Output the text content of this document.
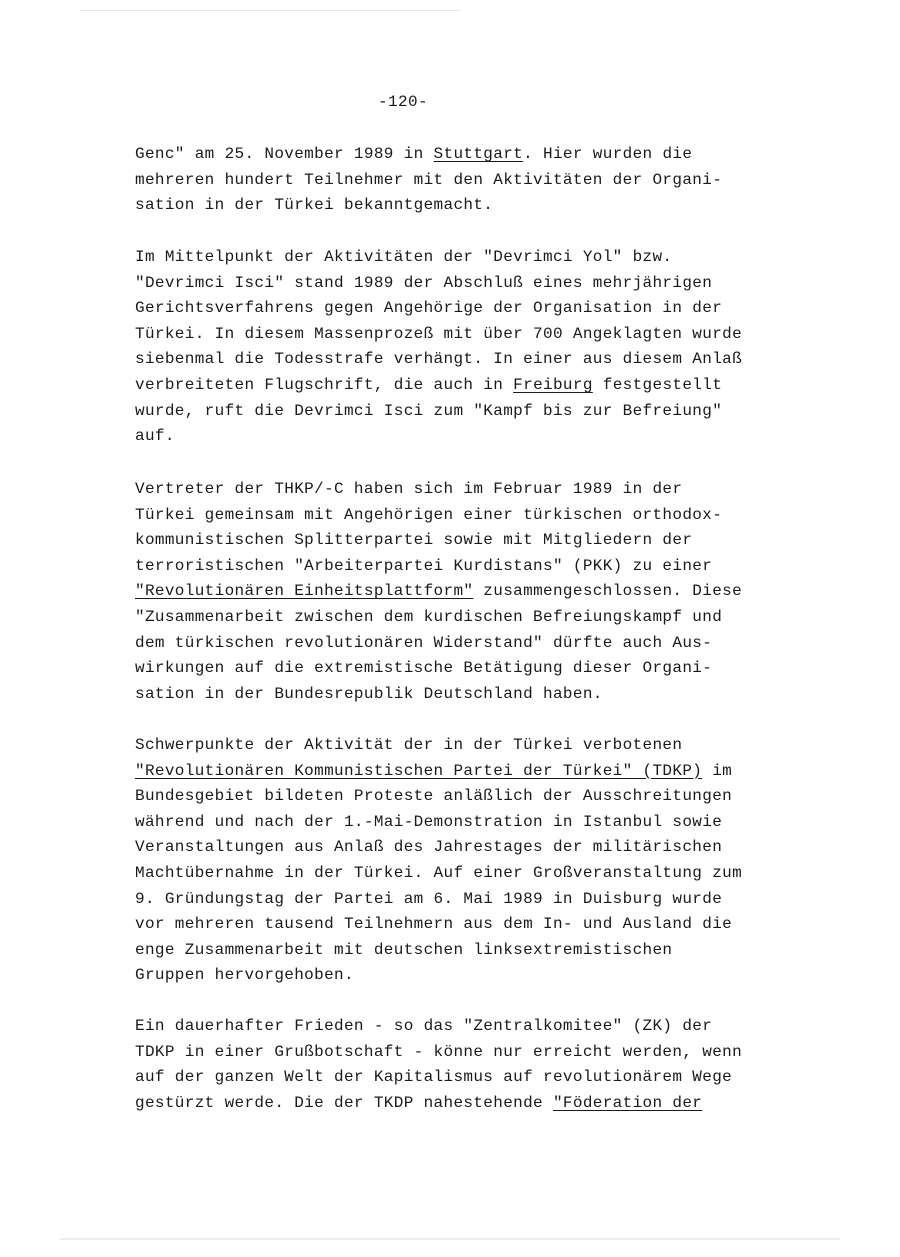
-120-
Genc" am 25. November 1989 in Stuttgart. Hier wurden die
mehreren hundert Teilnehmer mit den Aktivitäten der Organi-
sation in der Türkei bekanntgemacht.
Im Mittelpunkt der Aktivitäten der "Devrimci Yol" bzw.
"Devrimci Isci" stand 1989 der Abschluß eines mehrjährigen
Gerichtsverfahrens gegen Angehörige der Organisation in der
Türkei. In diesem Massenprozeß mit über 700 Angeklagten wurde
siebenmal die Todesstrafe verhängt. In einer aus diesem Anlaß
verbreiteten Flugschrift, die auch in Freiburg festgestellt
wurde, ruft die Devrimci Isci zum "Kampf bis zur Befreiung"
auf.
Vertreter der THKP/-C haben sich im Februar 1989 in der
Türkei gemeinsam mit Angehörigen einer türkischen orthodox-
kommunistischen Splitterpartei sowie mit Mitgliedern der
terroristischen "Arbeiterpartei Kurdistans" (PKK) zu einer
"Revolutionären Einheitsplattform" zusammengeschlossen. Diese
"Zusammenarbeit zwischen dem kurdischen Befreiungskampf und
dem türkischen revolutionären Widerstand" dürfte auch Aus-
wirkungen auf die extremistische Betätigung dieser Organi-
sation in der Bundesrepublik Deutschland haben.
Schwerpunkte der Aktivität der in der Türkei verbotenen
"Revolutionären Kommunistischen Partei der Türkei" (TDKP) im
Bundesgebiet bildeten Proteste anläßlich der Ausschreitungen
während und nach der 1.-Mai-Demonstration in Istanbul sowie
Veranstaltungen aus Anlaß des Jahrestages der militärischen
Machtübernahme in der Türkei. Auf einer Großveranstaltung zum
9. Gründungstag der Partei am 6. Mai 1989 in Duisburg wurde
vor mehreren tausend Teilnehmern aus dem In- und Ausland die
enge Zusammenarbeit mit deutschen linksextremistischen
Gruppen hervorgehoben.
Ein dauerhafter Frieden - so das "Zentralkomitee" (ZK) der
TDKP in einer Grußbotschaft - könne nur erreicht werden, wenn
auf der ganzen Welt der Kapitalismus auf revolutionärem Wege
gestürzt werde. Die der TKDP nahestehende "Föderation der
